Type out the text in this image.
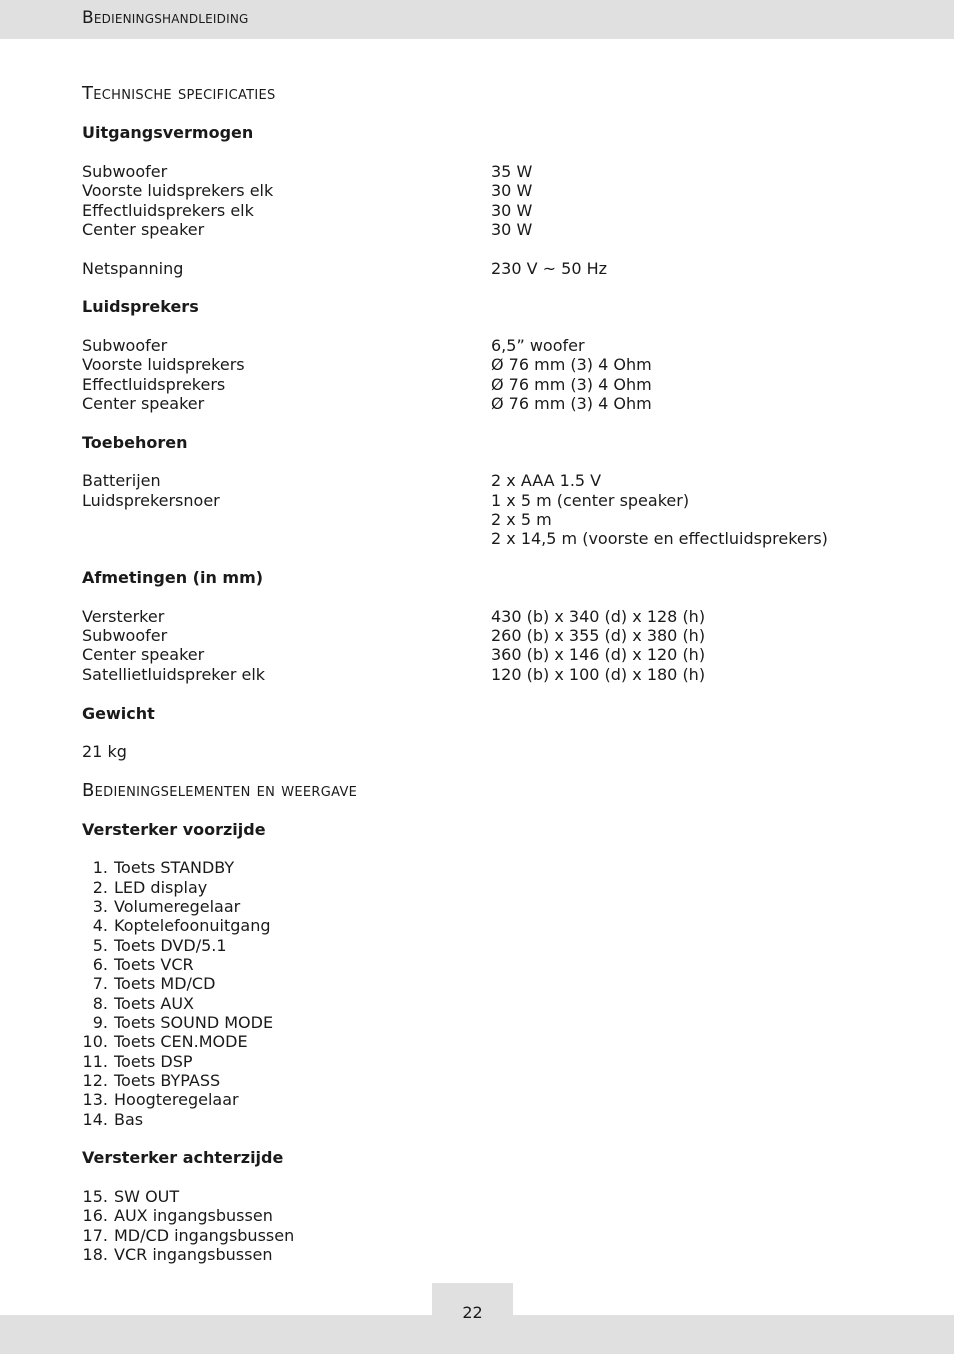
Bedieningshandleiding
Technische specificaties
Uitgangsvermogen
Subwoofer	35 W
Voorste luidsprekers elk	30 W
Effectluidsprekers elk	30 W
Center speaker	30 W
Netspanning	230 V ~ 50 Hz
Luidsprekers
Subwoofer	6,5” woofer
Voorste luidsprekers	Ø 76 mm (3) 4 Ohm
Effectluidsprekers	Ø 76 mm (3) 4 Ohm
Center speaker	Ø 76 mm (3) 4 Ohm
Toebehoren
Batterijen	2 x AAA 1.5 V
Luidsprekersnoer	1 x 5 m (center speaker)
2 x 5 m
2 x 14,5 m (voorste en effectluidsprekers)
Afmetingen (in mm)
Versterker	430 (b) x 340 (d) x 128 (h)
Subwoofer	260 (b) x 355 (d) x 380 (h)
Center speaker	360 (b) x 146 (d) x 120 (h)
Satellietluidspreker elk	120 (b) x 100 (d) x 180 (h)
Gewicht
21 kg
Bedieningselementen en weergave
Versterker voorzijde
1. Toets STANDBY
2. LED display
3. Volumeregelaar
4. Koptelefoonuitgang
5. Toets DVD/5.1
6. Toets VCR
7. Toets MD/CD
8. Toets AUX
9. Toets SOUND MODE
10. Toets CEN.MODE
11. Toets DSP
12. Toets BYPASS
13. Hoogteregelaar
14. Bas
Versterker achterzijde
15. SW OUT
16. AUX ingangsbussen
17. MD/CD ingangsbussen
18. VCR ingangsbussen
22
